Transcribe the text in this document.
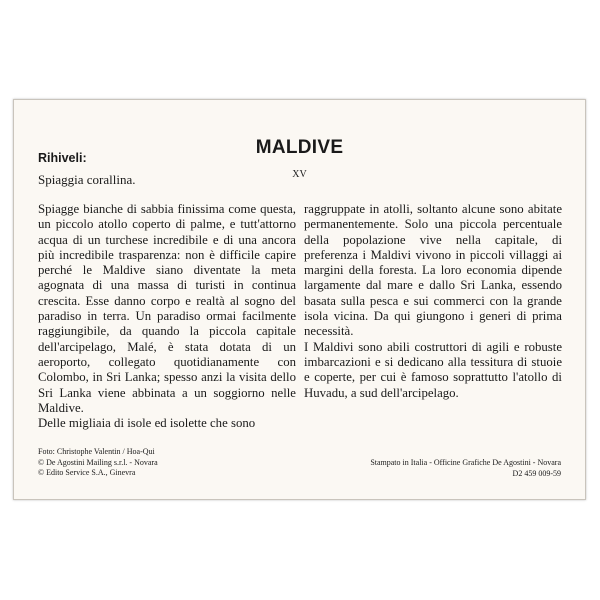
MALDIVE
XV
Rihiveli:
Spiaggia corallina.

Spiagge bianche di sabbia finissima come questa, un piccolo atollo coperto di palme, e tutt'attorno acqua di un turchese incredibile e di una ancora più incredibile trasparenza: non è difficile capire perché le Maldive siano diventate la meta agognata di una massa di turisti in continua crescita. Esse danno corpo e realtà al sogno del paradiso in terra. Un paradiso ormai facilmente raggiungibile, da quando la piccola capitale dell'arcipelago, Malé, è stata dotata di un aeroporto, collegato quotidianamente con Colombo, in Sri Lanka; spesso anzi la visita dello Sri Lanka viene abbinata a un soggiorno nelle Maldive.

Delle migliaia di isole ed isolette che sono

raggruppate in atolli, soltanto alcune sono abitate permanentemente. Solo una piccola percentuale della popolazione vive nella capitale, di preferenza i Maldivi vivono in piccoli villaggi ai margini della foresta. La loro economia dipende largamente dal mare e dallo Sri Lanka, essendo basata sulla pesca e sui commerci con la grande isola vicina. Da qui giungono i generi di prima necessità.

I Maldivi sono abili costruttori di agili e robuste imbarcazioni e si dedicano alla tessitura di stuoie e coperte, per cui è famoso soprattutto l'atollo di Huvadu, a sud dell'arcipelago.

Foto: Christophe Valentin / Hoa-Qui
© De Agostini Mailing s.r.l. - Novara
© Edito Service S.A., Ginevra
Stampato in Italia - Officine Grafiche De Agostini - Novara
D2 459 009-59
